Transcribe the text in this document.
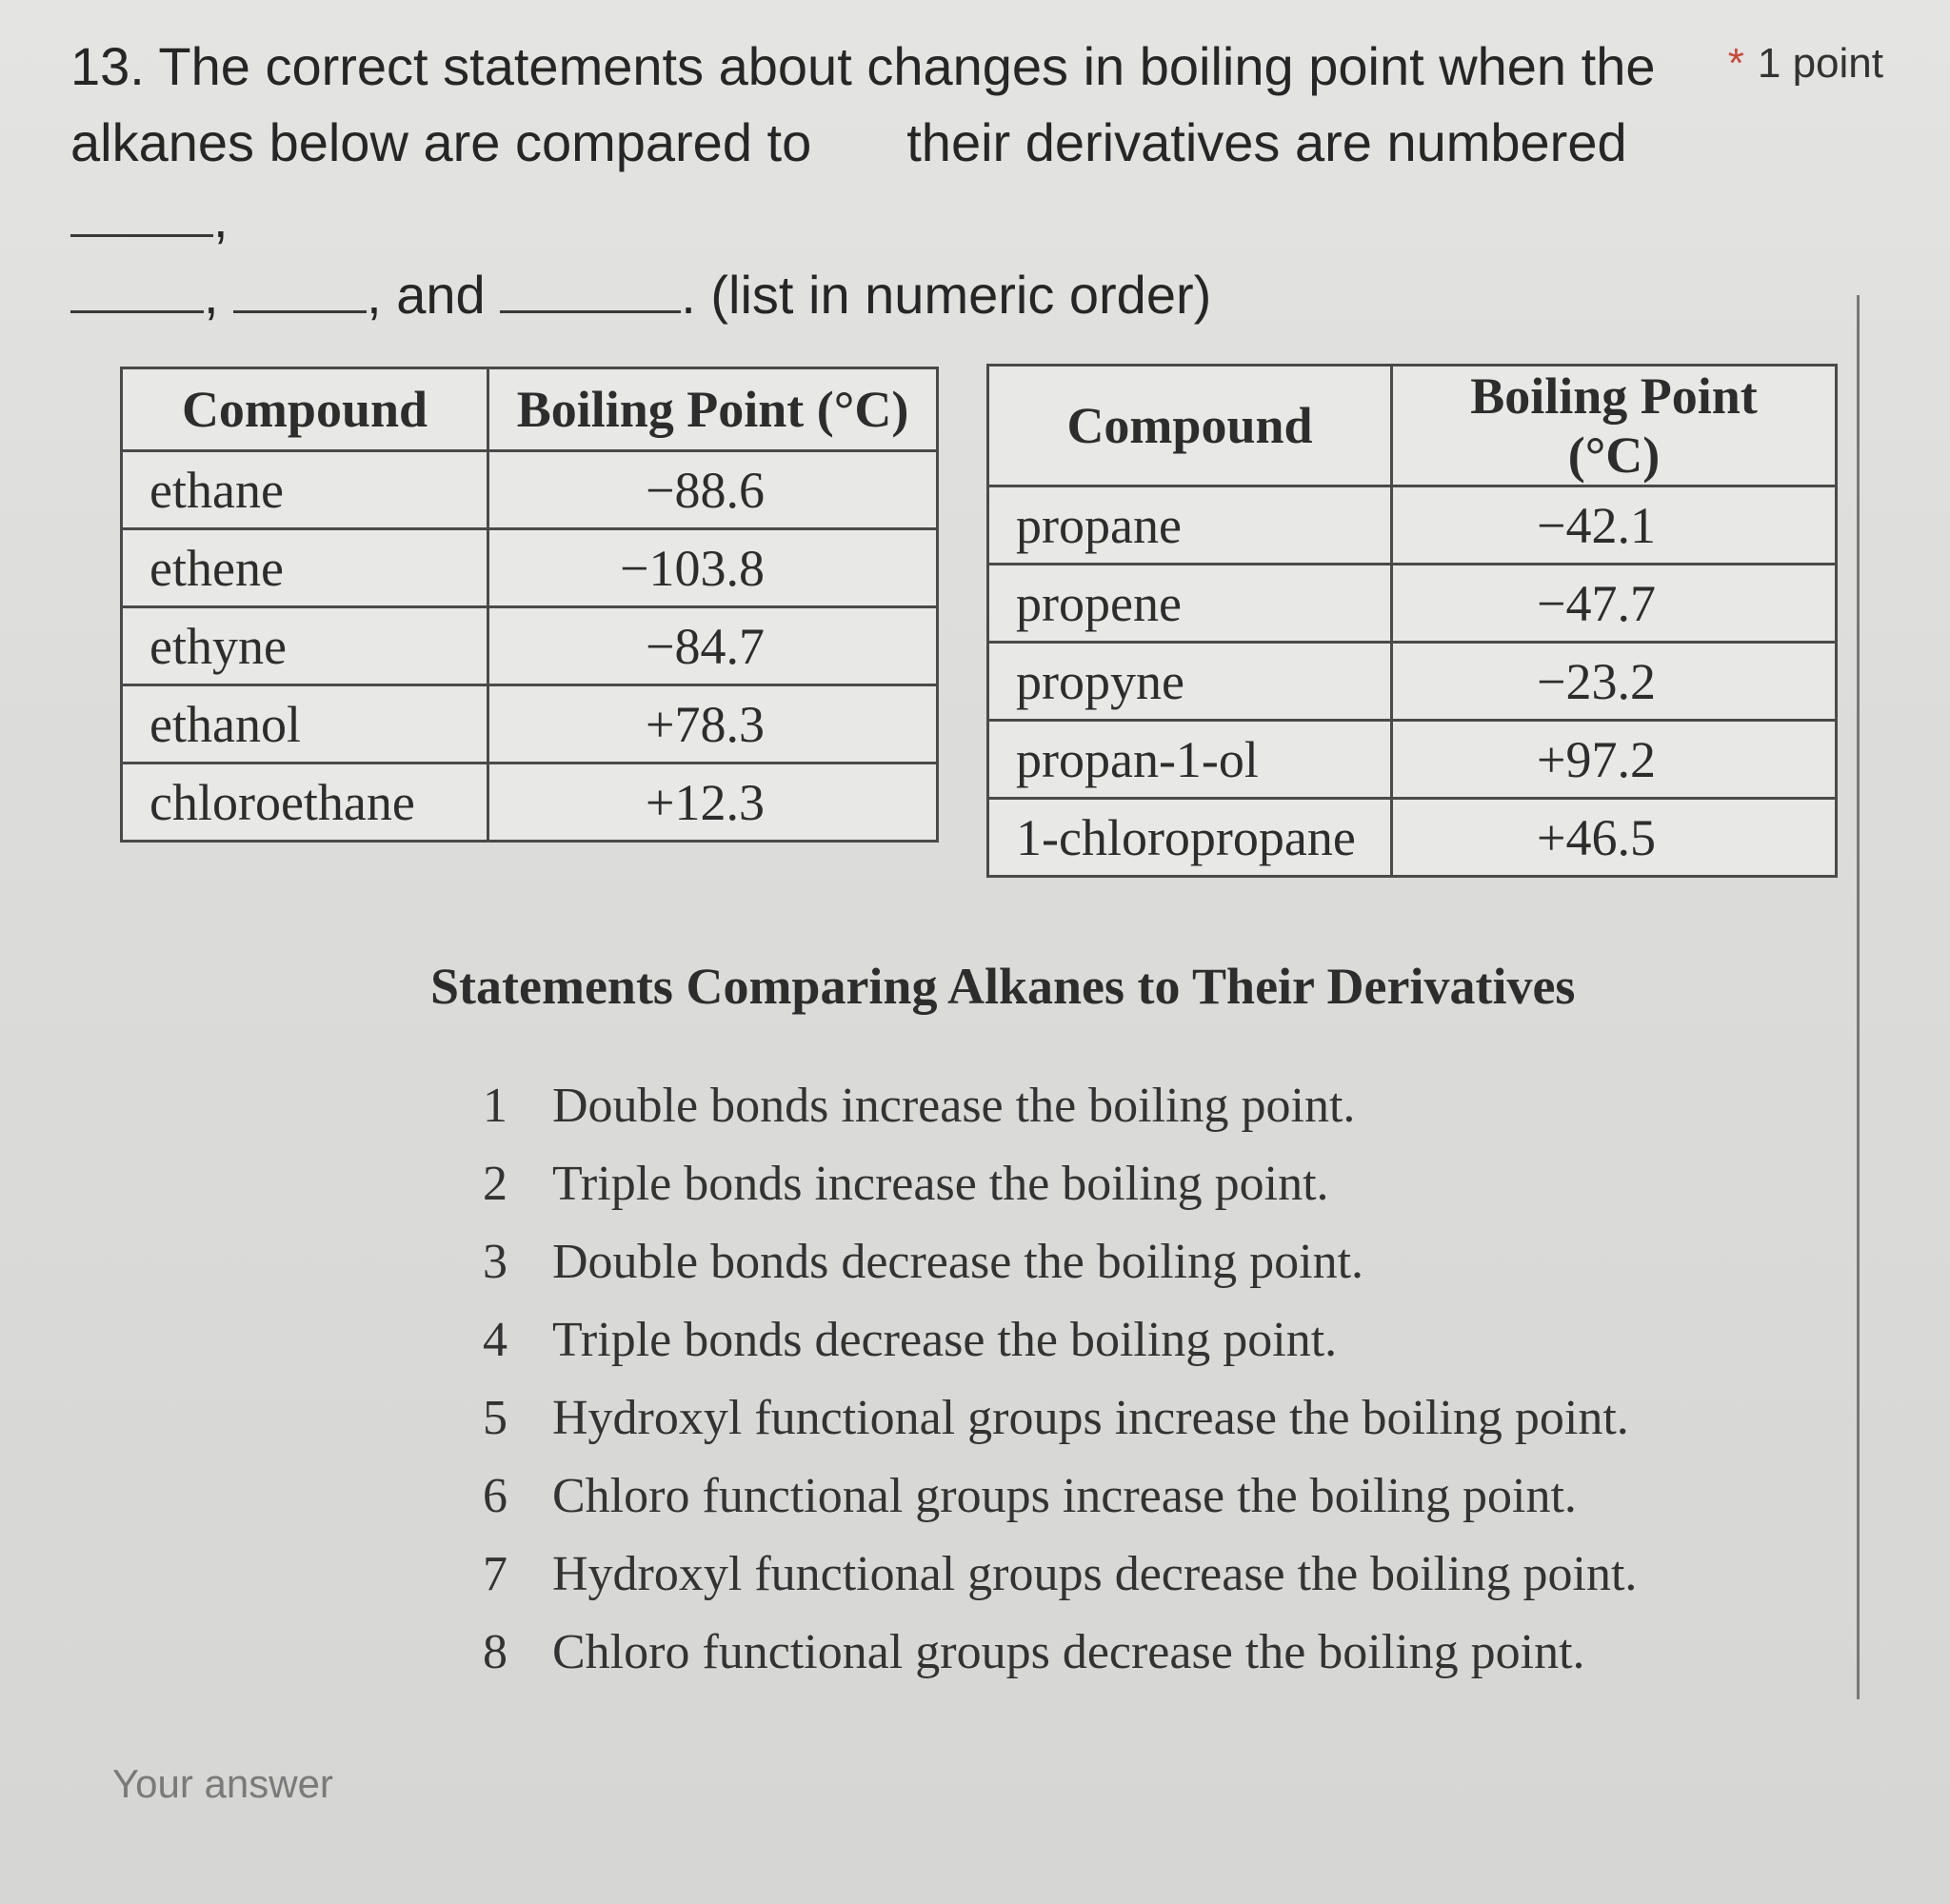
13. The correct statements about changes in boiling point when the
alkanes below are compared to their derivatives are numbered ,
,	, and	. (list in numeric order)
* 1 point
Compound	Boiling Point (°C)
ethane	−88.6
ethene	−103.8
ethyne	−84.7
ethanol	+78.3
chloroethane	+12.3
Compound	Boiling Point (°C)
propane	−42.1
propene	−47.7
propyne	−23.2
propan-1-ol	+97.2
1-chloropropane	+46.5
Statements Comparing Alkanes to Their Derivatives
1 Double bonds increase the boiling point.
2 Triple bonds increase the boiling point.
3 Double bonds decrease the boiling point.
4 Triple bonds decrease the boiling point.
5 Hydroxyl functional groups increase the boiling point.
6 Chloro functional groups increase the boiling point.
7 Hydroxyl functional groups decrease the boiling point.
8 Chloro functional groups decrease the boiling point.
Your answer
